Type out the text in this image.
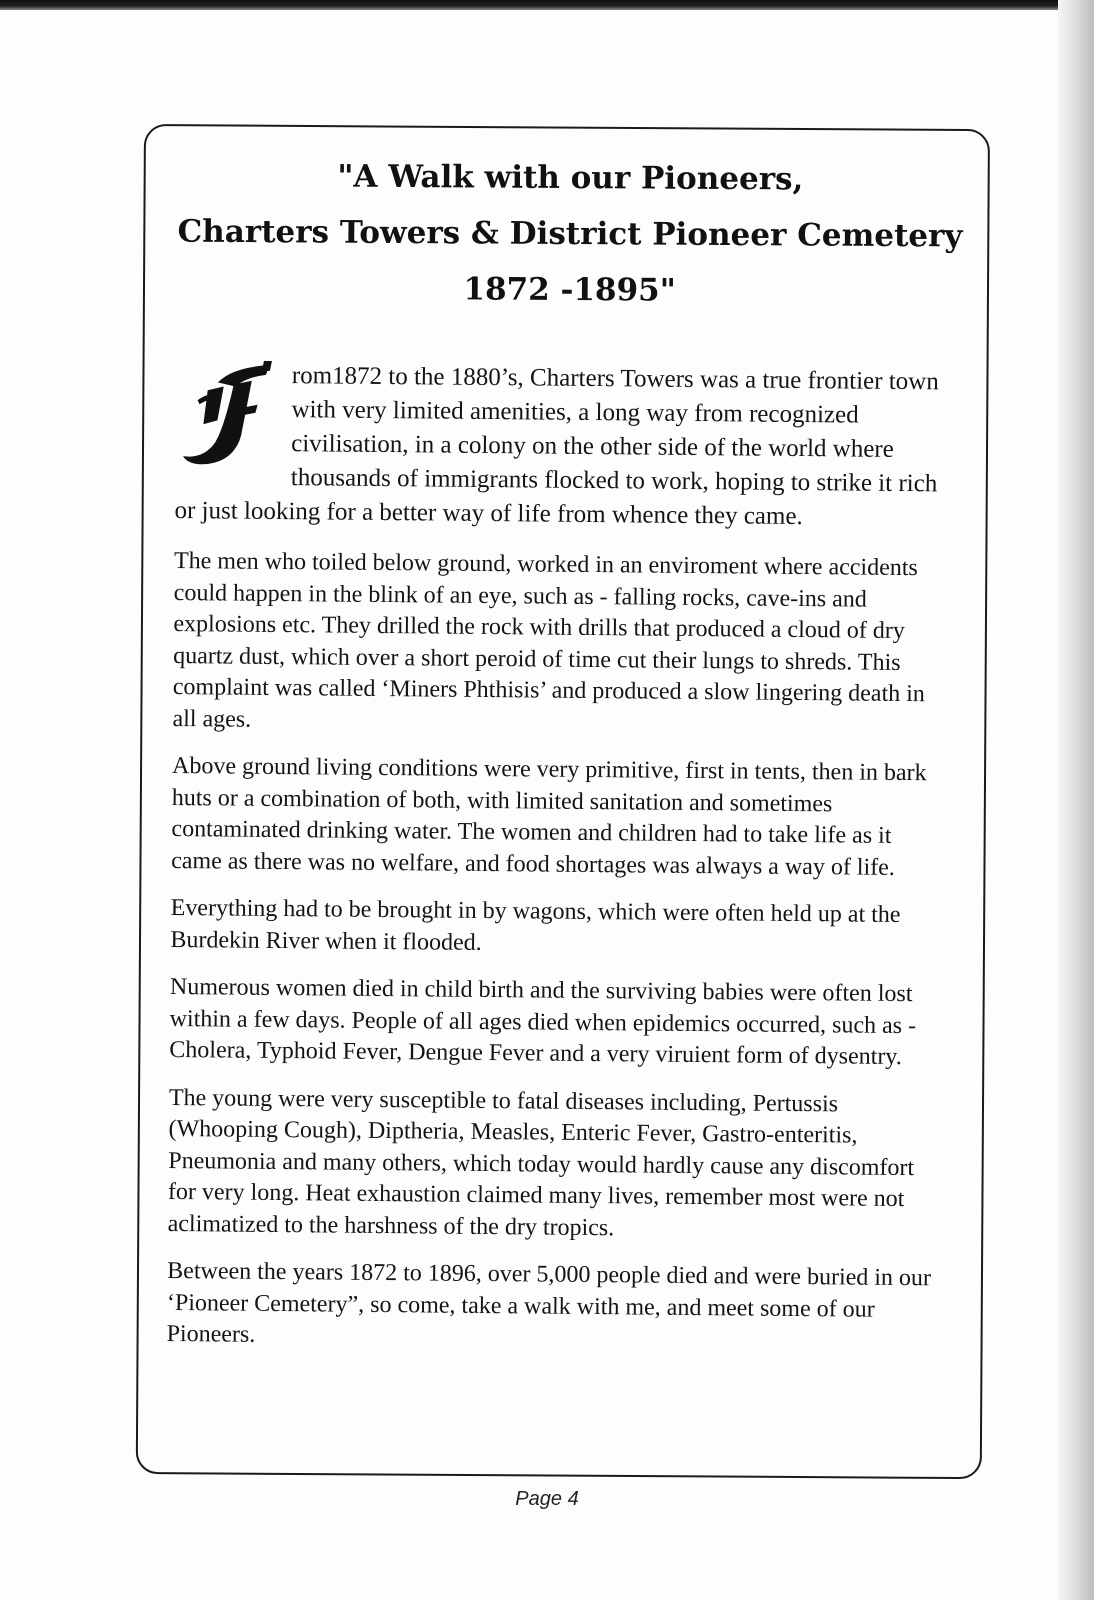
"A Walk with our Pioneers,
Charters Towers & District Pioneer Cemetery
1872 -1895"

rom1872 to the 1880’s, Charters Towers was a true frontier town with very limited amenities, a long way from recognized civilisation, in a colony on the other side of the world where thousands of immigrants flocked to work, hoping to strike it rich or just looking for a better way of life from whence they came.

The men who toiled below ground, worked in an enviroment where accidents could happen in the blink of an eye, such as - falling rocks, cave-ins and explosions etc. They drilled the rock with drills that produced a cloud of dry quartz dust, which over a short peroid of time cut their lungs to shreds. This complaint was called ‘Miners Phthisis’ and produced a slow lingering death in all ages.

Above ground living conditions were very primitive, first in tents, then in bark huts or a combination of both, with limited sanitation and sometimes contaminated drinking water. The women and children had to take life as it came as there was no welfare, and food shortages was always a way of life.

Everything had to be brought in by wagons, which were often held up at the Burdekin River when it flooded.

Numerous women died in child birth and the surviving babies were often lost within a few days. People of all ages died when epidemics occurred, such as - Cholera, Typhoid Fever, Dengue Fever and a very viruient form of dysentry.

The young were very susceptible to fatal diseases including, Pertussis (Whooping Cough), Diptheria, Measles, Enteric Fever, Gastro-enteritis, Pneumonia and many others, which today would hardly cause any discomfort for very long. Heat exhaustion claimed many lives, remember most were not aclimatized to the harshness of the dry tropics.

Between the years 1872 to 1896, over 5,000 people died and were buried in our ‘Pioneer Cemetery”, so come, take a walk with me, and meet some of our Pioneers.

Page 4
